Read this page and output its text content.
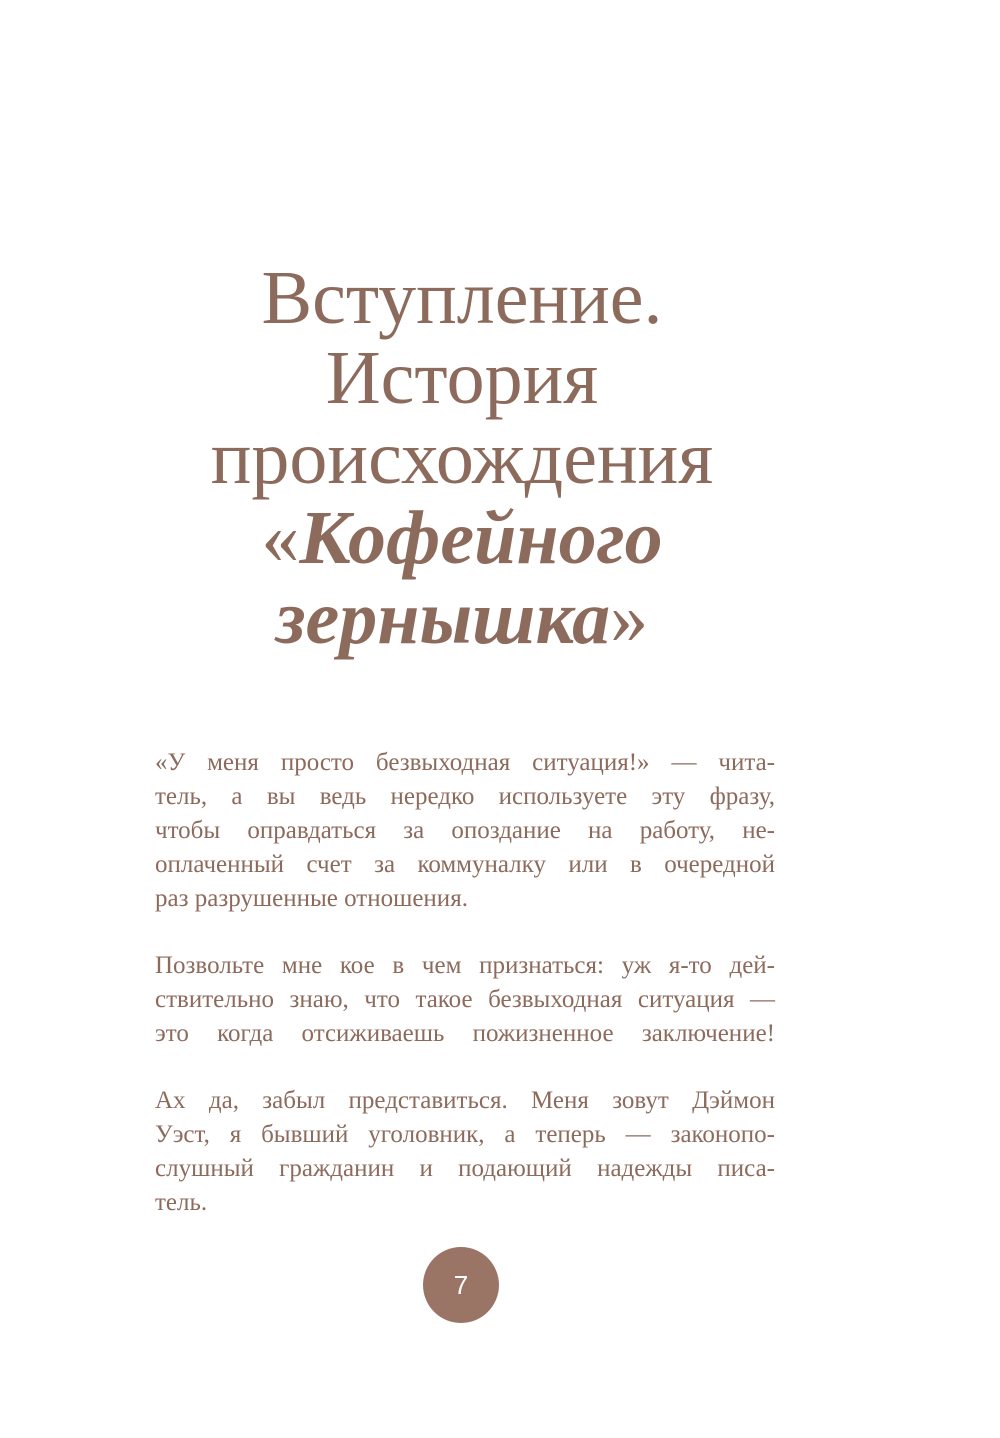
Вступление.
История
происхождения
«Кофейного
зернышка»

«У меня просто безвыходная ситуация!» — чита-
тель, а вы ведь нередко используете эту фразу,
чтобы оправдаться за опоздание на работу, не-
оплаченный счет за коммуналку или в очередной
раз разрушенные отношения.

Позвольте мне кое в чем признаться: уж я-то дей-
ствительно знаю, что такое безвыходная ситуация —
это когда отсиживаешь пожизненное заключение!

Ах да, забыл представиться. Меня зовут Дэймон
Уэст, я бывший уголовник, а теперь — законопо-
слушный гражданин и подающий надежды писа-
тель.

7
